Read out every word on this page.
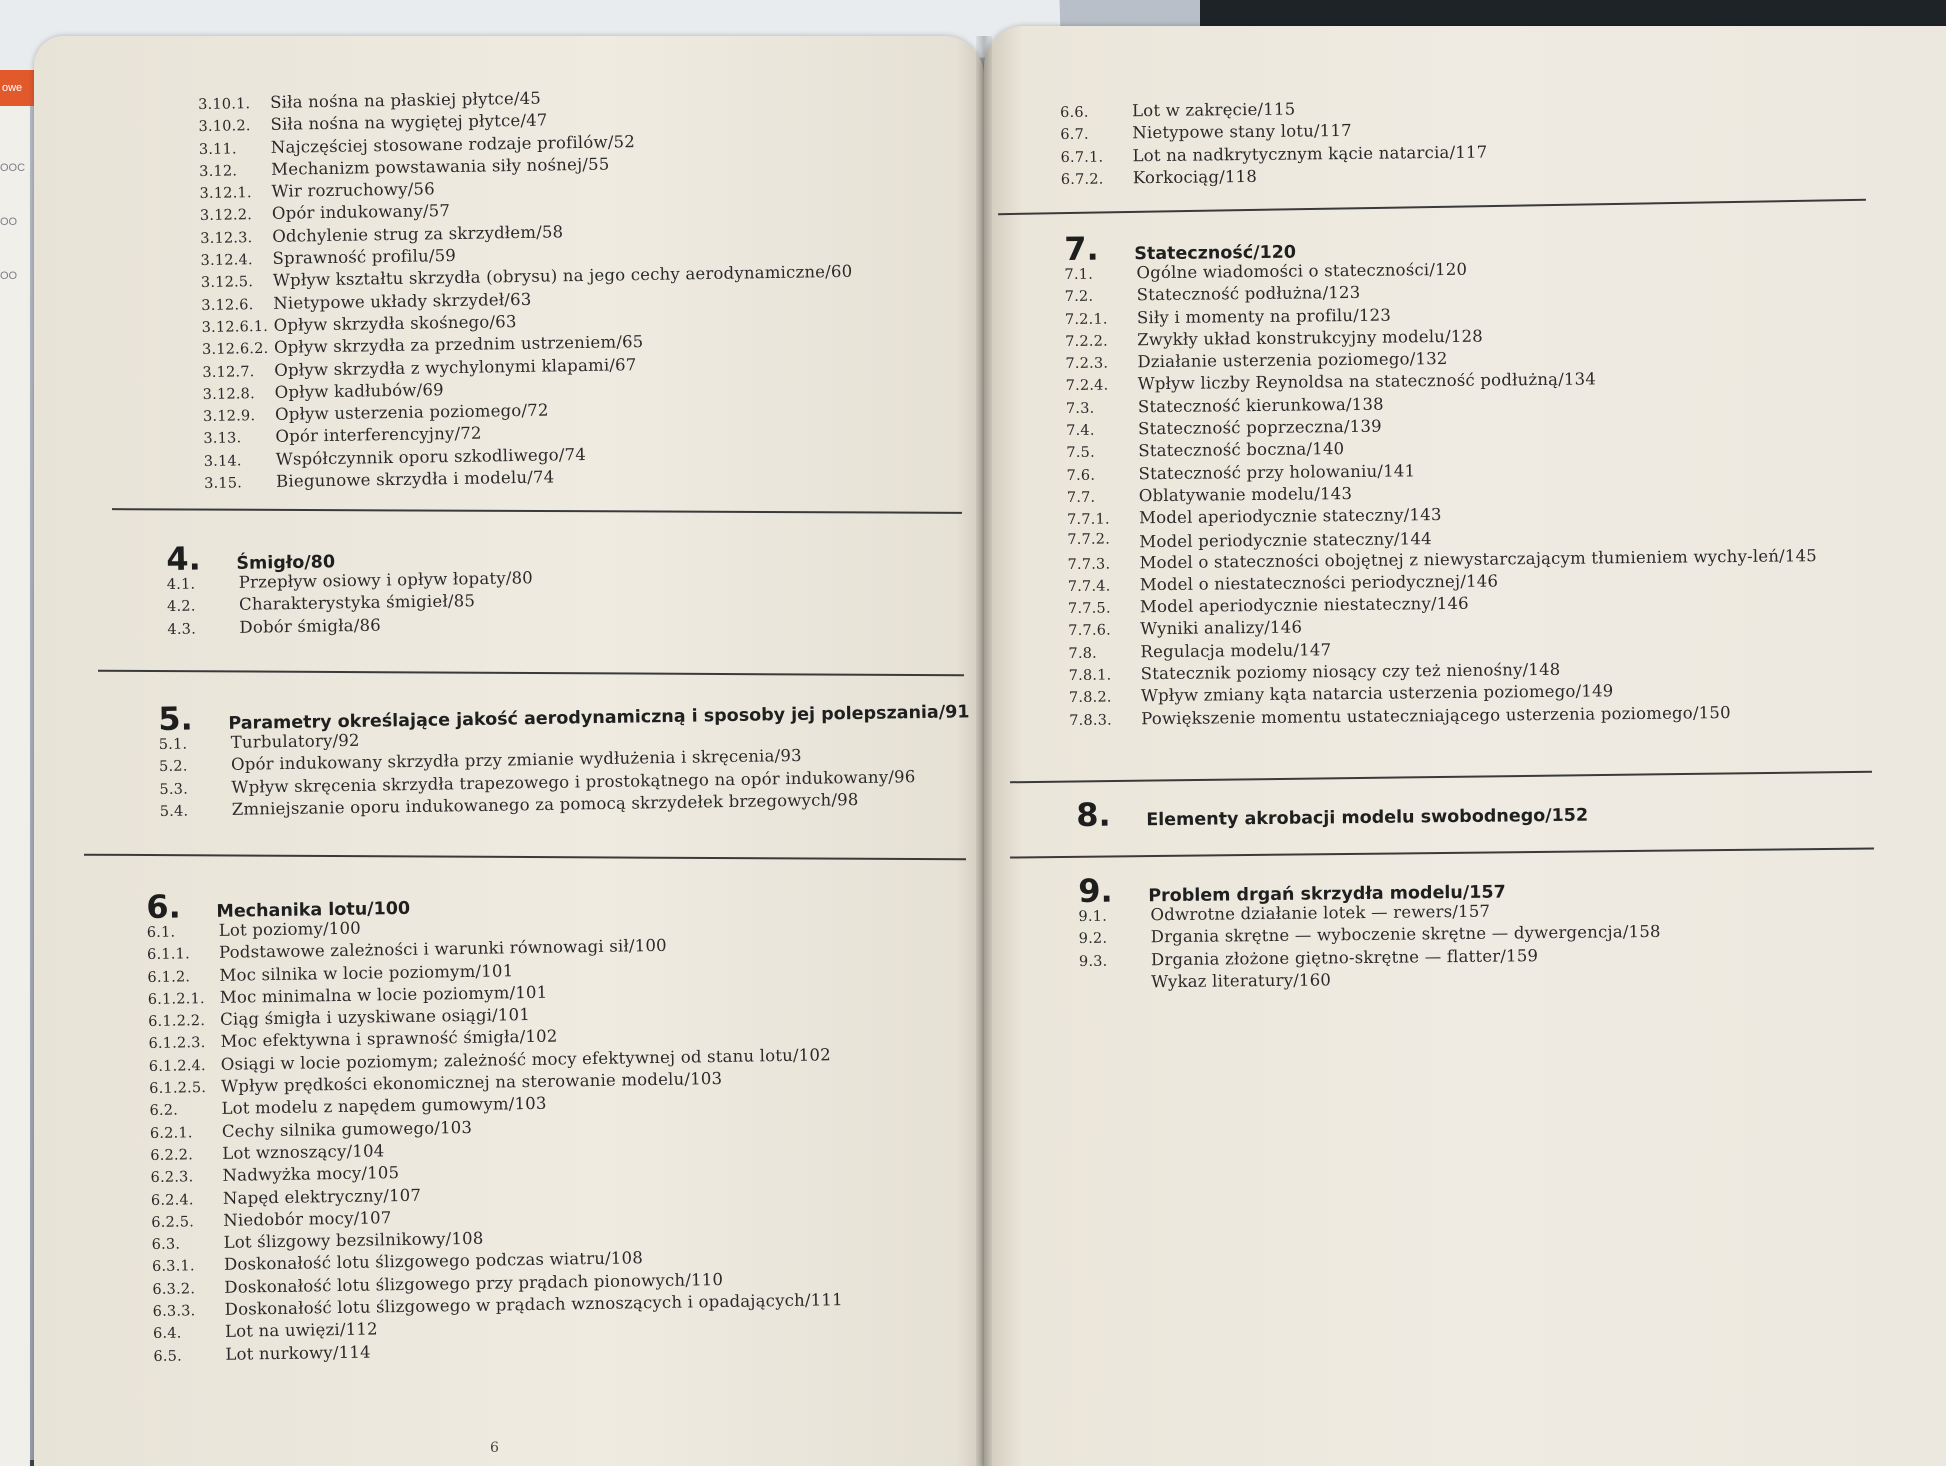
owe
OOC
OO
OO
3.10.1.	Siła nośna na płaskiej płytce/45
3.10.2.	Siła nośna na wygiętej płytce/47
3.11.	Najczęściej stosowane rodzaje profilów/52
3.12.	Mechanizm powstawania siły nośnej/55
3.12.1.	Wir rozruchowy/56
3.12.2.	Opór indukowany/57
3.12.3.	Odchylenie strug za skrzydłem/58
3.12.4.	Sprawność profilu/59
3.12.5.	Wpływ kształtu skrzydła (obrysu) na jego cechy aerodynamiczne/60
3.12.6.	Nietypowe układy skrzydeł/63
3.12.6.1. Opływ skrzydła skośnego/63
3.12.6.2. Opływ skrzydła za przednim ustrzeniem/65
3.12.7.	Opływ skrzydła z wychylonymi klapami/67
3.12.8.	Opływ kadłubów/69
3.12.9.	Opływ usterzenia poziomego/72
3.13.	Opór interferencyjny/72
3.14.	Współczynnik oporu szkodliwego/74
3.15.	Biegunowe skrzydła i modelu/74
4.	Śmigło/80
4.1.	Przepływ osiowy i opływ łopaty/80
4.2.	Charakterystyka śmigieł/85
4.3.	Dobór śmigła/86
5.	Parametry określające jakość aerodynamiczną i sposoby jej polepszania/91
5.1.	Turbulatory/92
5.2.	Opór indukowany skrzydła przy zmianie wydłużenia i skręcenia/93
5.3.	Wpływ skręcenia skrzydła trapezowego i prostokątnego na opór indukowany/96
5.4.	Zmniejszanie oporu indukowanego za pomocą skrzydełek brzegowych/98
6.	Mechanika lotu/100
6.1.	Lot poziomy/100
6.1.1.	Podstawowe zależności i warunki równowagi sił/100
6.1.2.	Moc silnika w locie poziomym/101
6.1.2.1. Moc minimalna w locie poziomym/101
6.1.2.2. Ciąg śmigła i uzyskiwane osiągi/101
6.1.2.3. Moc efektywna i sprawność śmigła/102
6.1.2.4. Osiągi w locie poziomym; zależność mocy efektywnej od stanu lotu/102
6.1.2.5. Wpływ prędkości ekonomicznej na sterowanie modelu/103
6.2.	Lot modelu z napędem gumowym/103
6.2.1.	Cechy silnika gumowego/103
6.2.2.	Lot wznoszący/104
6.2.3.	Nadwyżka mocy/105
6.2.4.	Napęd elektryczny/107
6.2.5.	Niedobór mocy/107
6.3.	Lot ślizgowy bezsilnikowy/108
6.3.1.	Doskonałość lotu ślizgowego podczas wiatru/108
6.3.2.	Doskonałość lotu ślizgowego przy prądach pionowych/110
6.3.3.	Doskonałość lotu ślizgowego w prądach wznoszących i opadających/111
6.4.	Lot na uwięzi/112
6.5.	Lot nurkowy/114
6
6.6.	Lot w zakręcie/115
6.7.	Nietypowe stany lotu/117
6.7.1.	Lot na nadkrytycznym kącie natarcia/117
6.7.2.	Korkociąg/118
7.	Stateczność/120
7.1.	Ogólne wiadomości o stateczności/120
7.2.	Stateczność podłużna/123
7.2.1.	Siły i momenty na profilu/123
7.2.2.	Zwykły układ konstrukcyjny modelu/128
7.2.3.	Działanie usterzenia poziomego/132
7.2.4.	Wpływ liczby Reynoldsa na stateczność podłużną/134
7.3.	Stateczność kierunkowa/138
7.4.	Stateczność poprzeczna/139
7.5.	Stateczność boczna/140
7.6.	Stateczność przy holowaniu/141
7.7.	Oblatywanie modelu/143
7.7.1.	Model aperiodycznie stateczny/143
7.7.2.	Model periodycznie stateczny/144
7.7.3.	Model o stateczności obojętnej z niewystarczającym tłumieniem wychy-leń/145
7.7.4.	Model o niestateczności periodycznej/146
7.7.5.	Model aperiodycznie niestateczny/146
7.7.6.	Wyniki analizy/146
7.8.	Regulacja modelu/147
7.8.1.	Statecznik poziomy niosący czy też nienośny/148
7.8.2.	Wpływ zmiany kąta natarcia usterzenia poziomego/149
7.8.3.	Powiększenie momentu ustateczniającego usterzenia poziomego/150
8.	Elementy akrobacji modelu swobodnego/152
9.	Problem drgań skrzydła modelu/157
9.1.	Odwrotne działanie lotek — rewers/157
9.2.	Drgania skrętne — wyboczenie skrętne — dywergencja/158
9.3.	Drgania złożone giętno-skrętne — flatter/159
Wykaz literatury/160
